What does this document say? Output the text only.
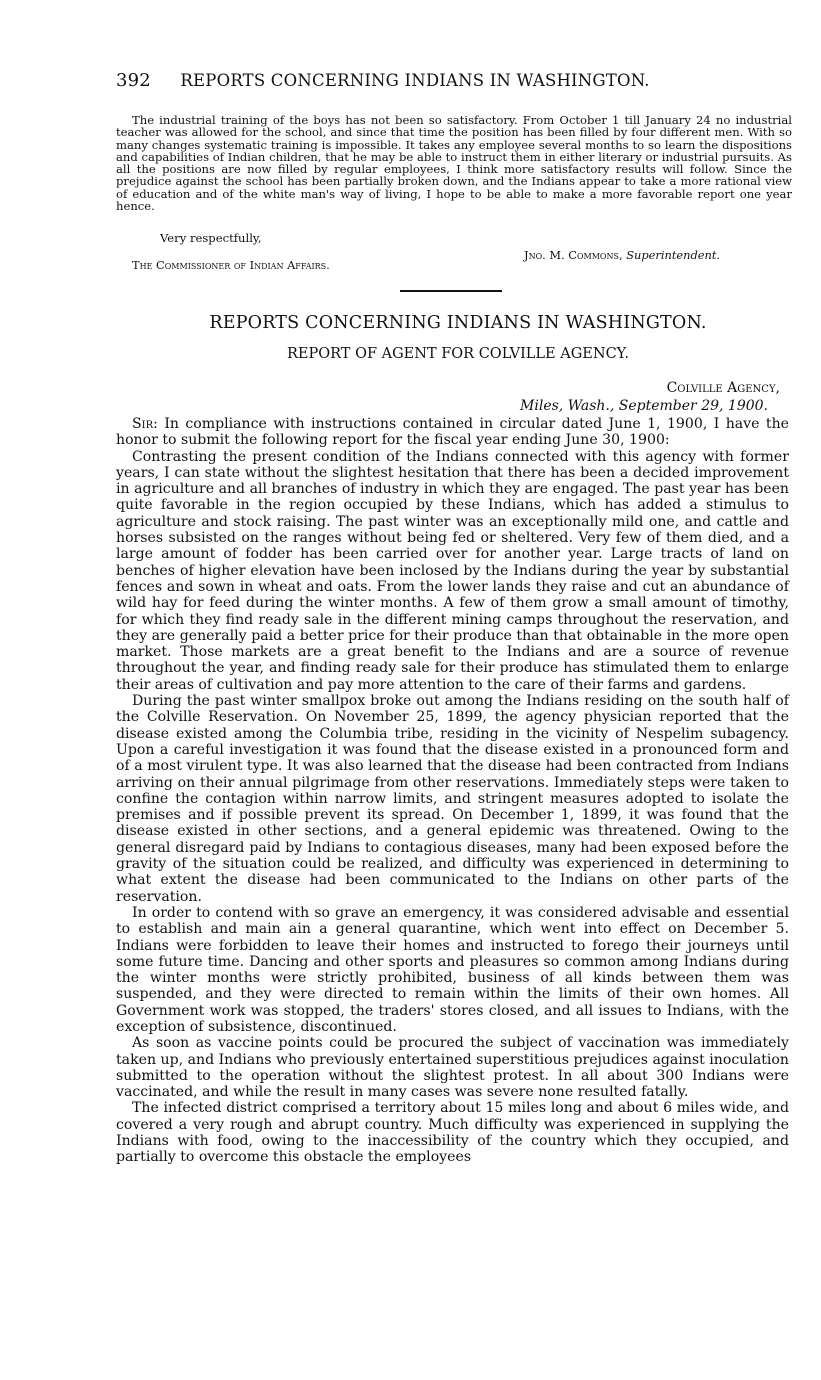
392 REPORTS CONCERNING INDIANS IN WASHINGTON.

The industrial training of the boys has not been so satisfactory. From October 1 till January 24 no industrial teacher was allowed for the school, and since that time the position has been filled by four different men. With so many changes systematic training is impossible. It takes any employee several months to so learn the dispositions and capabilities of Indian children, that he may be able to instruct them in either literary or industrial pursuits. As all the positions are now filled by regular employees, I think more satisfactory results will follow. Since the prejudice against the school has been partially broken down, and the Indians appear to take a more rational view of education and of the white man's way of living, I hope to be able to make a more favorable report one year hence.

Very respectfully,
Jno. M. Commons, Superintendent.
The Commissioner of Indian Affairs.
REPORTS CONCERNING INDIANS IN WASHINGTON.
REPORT OF AGENT FOR COLVILLE AGENCY.
Colville Agency,
Miles, Wash., September 29, 1900.

Sir: In compliance with instructions contained in circular dated June 1, 1900, I have the honor to submit the following report for the fiscal year ending June 30, 1900:

Contrasting the present condition of the Indians connected with this agency with former years, I can state without the slightest hesitation that there has been a decided improvement in agriculture and all branches of industry in which they are engaged. The past year has been quite favorable in the region occupied by these Indians, which has added a stimulus to agriculture and stock raising. The past winter was an exceptionally mild one, and cattle and horses subsisted on the ranges without being fed or sheltered. Very few of them died, and a large amount of fodder has been carried over for another year. Large tracts of land on benches of higher elevation have been inclosed by the Indians during the year by substantial fences and sown in wheat and oats. From the lower lands they raise and cut an abundance of wild hay for feed during the winter months. A few of them grow a small amount of timothy, for which they find ready sale in the different mining camps throughout the reservation, and they are generally paid a better price for their produce than that obtainable in the more open market. Those markets are a great benefit to the Indians and are a source of revenue throughout the year, and finding ready sale for their produce has stimulated them to enlarge their areas of cultivation and pay more attention to the care of their farms and gardens.

During the past winter smallpox broke out among the Indians residing on the south half of the Colville Reservation. On November 25, 1899, the agency physician reported that the disease existed among the Columbia tribe, residing in the vicinity of Nespelim subagency. Upon a careful investigation it was found that the disease existed in a pronounced form and of a most virulent type. It was also learned that the disease had been contracted from Indians arriving on their annual pilgrimage from other reservations. Immediately steps were taken to confine the contagion within narrow limits, and stringent measures adopted to isolate the premises and if possible prevent its spread. On December 1, 1899, it was found that the disease existed in other sections, and a general epidemic was threatened. Owing to the general disregard paid by Indians to contagious diseases, many had been exposed before the gravity of the situation could be realized, and difficulty was experienced in determining to what extent the disease had been communicated to the Indians on other parts of the reservation.

In order to contend with so grave an emergency, it was considered advisable and essential to establish and main ain a general quarantine, which went into effect on December 5. Indians were forbidden to leave their homes and instructed to forego their journeys until some future time. Dancing and other sports and pleasures so common among Indians during the winter months were strictly prohibited, business of all kinds between them was suspended, and they were directed to remain within the limits of their own homes. All Government work was stopped, the traders' stores closed, and all issues to Indians, with the exception of subsistence, discontinued.

As soon as vaccine points could be procured the subject of vaccination was immediately taken up, and Indians who previously entertained superstitious prejudices against inoculation submitted to the operation without the slightest protest. In all about 300 Indians were vaccinated, and while the result in many cases was severe none resulted fatally.

The infected district comprised a territory about 15 miles long and about 6 miles wide, and covered a very rough and abrupt country. Much difficulty was experienced in supplying the Indians with food, owing to the inaccessibility of the country which they occupied, and partially to overcome this obstacle the employees
